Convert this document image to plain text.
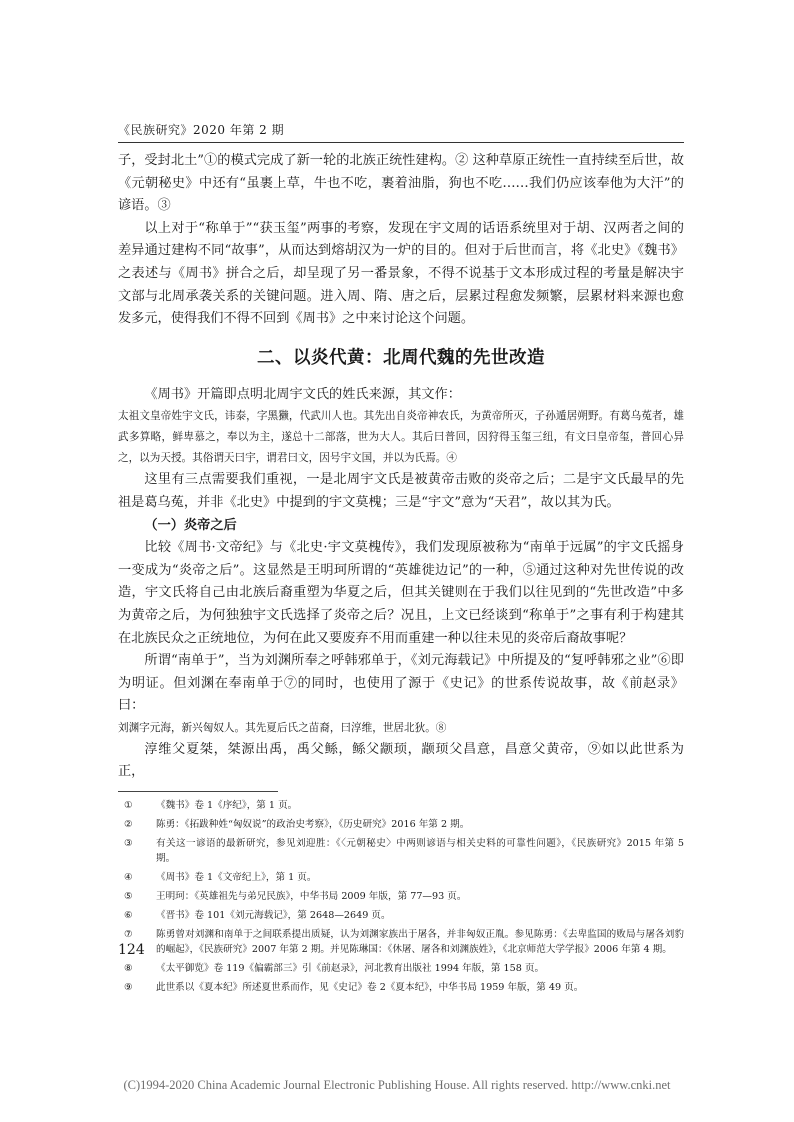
《民族研究》2020 年第 2 期

子，受封北土”①的模式完成了新一轮的北族正统性建构。② 这种草原正统性一直持续至后世，故《元朝秘史》中还有“虽裹上草，牛也不吃，裹着油脂，狗也不吃……我们仍应该奉他为大汗”的谚语。③

以上对于“称单于”“获玉玺”两事的考察，发现在宇文周的话语系统里对于胡、汉两者之间的差异通过建构不同“故事”，从而达到熔胡汉为一炉的目的。但对于后世而言，将《北史》《魏书》之表述与《周书》拼合之后，却呈现了另一番景象，不得不说基于文本形成过程的考量是解决宇文部与北周承袭关系的关键问题。进入周、隋、唐之后，层累过程愈发频繁，层累材料来源也愈发多元，使得我们不得不回到《周书》之中来讨论这个问题。

二、以炎代黄：北周代魏的先世改造

《周书》开篇即点明北周宇文氏的姓氏来源，其文作：

太祖文皇帝姓宇文氏，讳泰，字黑獭，代武川人也。其先出自炎帝神农氏，为黄帝所灭，子孙遁居朔野。有葛乌菟者，雄武多算略，鲜卑慕之，奉以为主，遂总十二部落，世为大人。其后曰普回，因狩得玉玺三纽，有文曰皇帝玺，普回心异之，以为天授。其俗谓天曰宇，谓君曰文，因号宇文国，并以为氏焉。④

这里有三点需要我们重视，一是北周宇文氏是被黄帝击败的炎帝之后；二是宇文氏最早的先祖是葛乌菟，并非《北史》中提到的宇文莫槐；三是“宇文”意为“天君”，故以其为氏。

（一）炎帝之后

比较《周书·文帝纪》与《北史·宇文莫槐传》，我们发现原被称为“南单于远属”的宇文氏摇身一变成为“炎帝之后”。这显然是王明珂所谓的“英雄徙边记”的一种，⑤通过这种对先世传说的改造，宇文氏将自己由北族后裔重塑为华夏之后，但其关键则在于我们以往见到的“先世改造”中多为黄帝之后，为何独独宇文氏选择了炎帝之后？况且，上文已经谈到“称单于”之事有利于构建其在北族民众之正统地位，为何在此又要废弃不用而重建一种以往未见的炎帝后裔故事呢？

所谓“南单于”，当为刘渊所奉之呼韩邪单于，《刘元海载记》中所提及的“复呼韩邪之业”⑥即为明证。但刘渊在奉南单于⑦的同时，也使用了源于《史记》的世系传说故事，故《前赵录》曰：

刘渊字元海，新兴匈奴人。其先夏后氏之苗裔，曰淳维，世居北狄。⑧

淳维父夏桀，桀源出禹，禹父鲧，鲧父颛顼，颛顼父昌意，昌意父黄帝，⑨如以此世系为正，

①	《魏书》卷 1《序纪》，第 1 页。
②	陈勇：《拓跋种姓“匈奴说”的政治史考察》，《历史研究》2016 年第 2 期。
③	有关这一谚语的最新研究，参见刘迎胜：《〈元朝秘史〉中两则谚语与相关史料的可靠性问题》，《民族研究》2015 年第 5 期。
④	《周书》卷 1《文帝纪上》，第 1 页。
⑤	王明珂：《英雄祖先与弟兄民族》，中华书局 2009 年版，第 77—93 页。
⑥	《晋书》卷 101《刘元海载记》，第 2648—2649 页。
⑦	陈勇曾对刘渊和南单于之间联系提出质疑，认为刘渊家族出于屠各，并非匈奴正胤。参见陈勇：《去卑监国的败局与屠各刘豹的崛起》，《民族研究》2007 年第 2 期。并见陈琳国：《休屠、屠各和刘渊族姓》，《北京师范大学学报》2006 年第 4 期。
⑧	《太平御览》卷 119《偏霸部三》引《前赵录》，河北教育出版社 1994 年版，第 158 页。
⑨	此世系以《夏本纪》所述夏世系而作，见《史记》卷 2《夏本纪》，中华书局 1959 年版，第 49 页。
124
(C)1994-2020 China Academic Journal Electronic Publishing House. All rights reserved. http://www.cnki.net
